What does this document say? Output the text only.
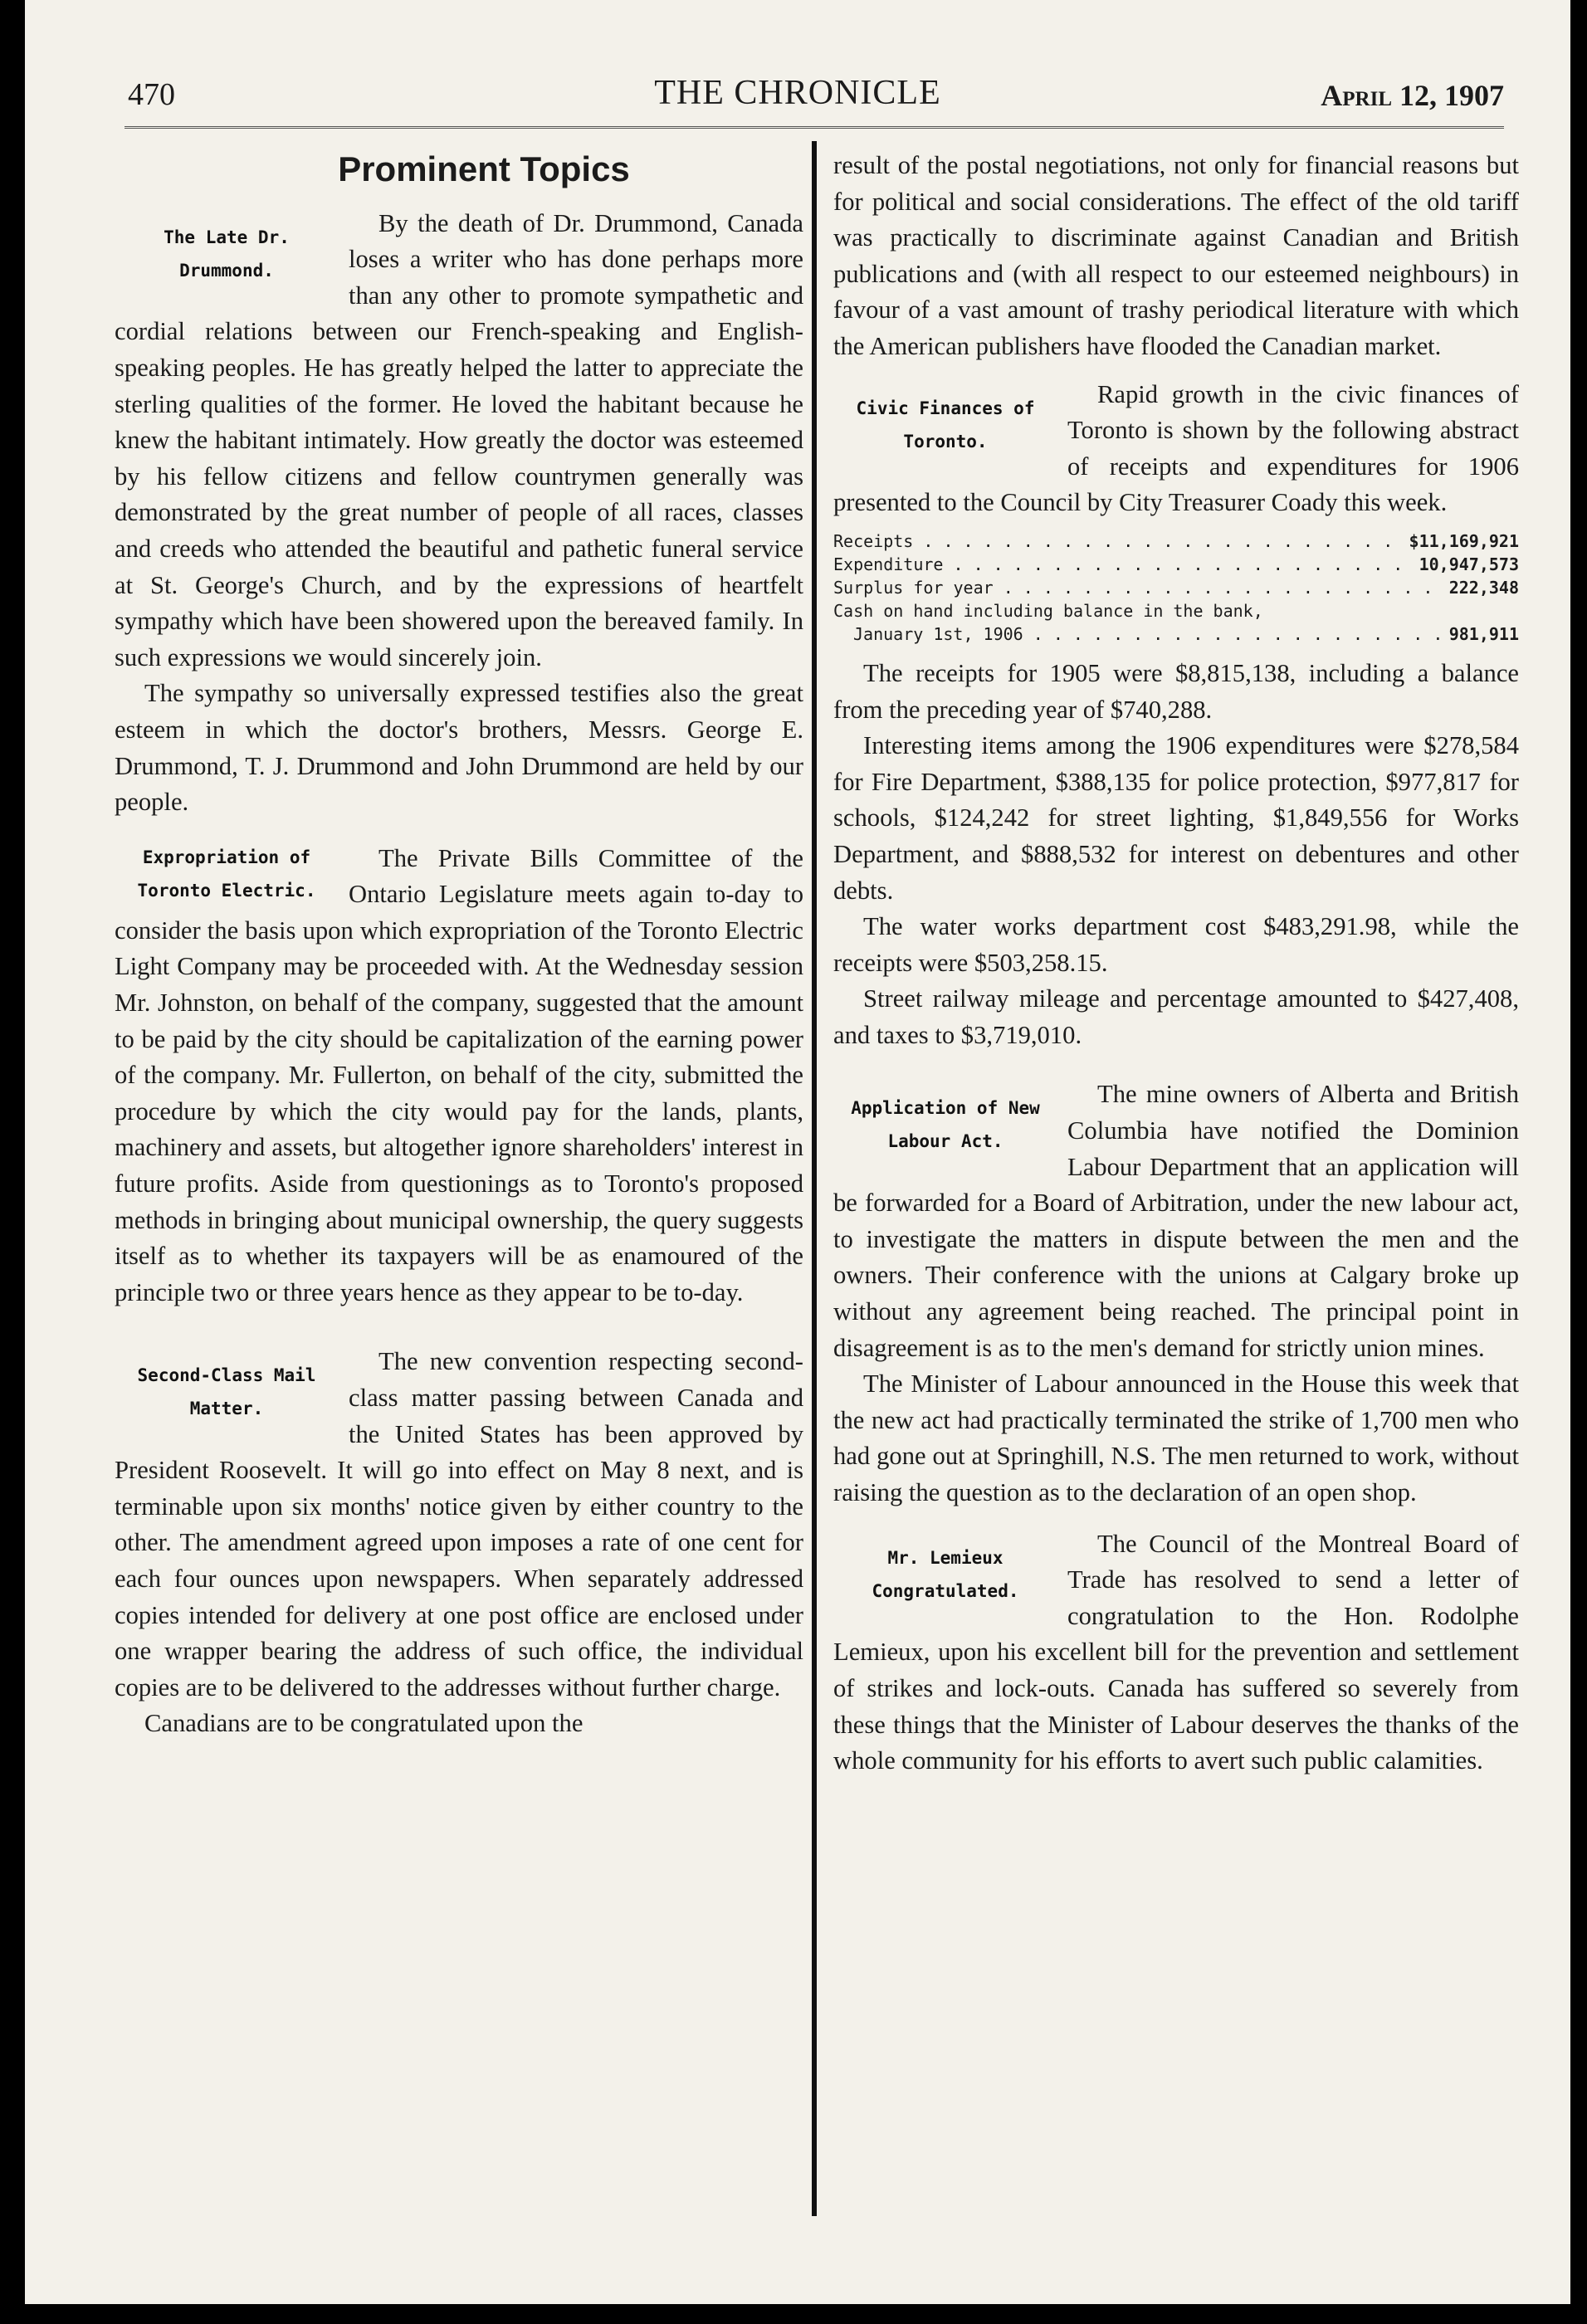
470	THE CHRONICLE	April 12, 1907
Prominent Topics
The Late Dr. Drummond.

By the death of Dr. Drummond, Canada loses a writer who has done perhaps more than any other to promote sympathetic and cordial relations between our French-speaking and English-speaking peoples. He has greatly helped the latter to appreciate the sterling qualities of the former. He loved the habitant because he knew the habitant intimately. How greatly the doctor was esteemed by his fellow citizens and fellow countrymen generally was demonstrated by the great number of people of all races, classes and creeds who attended the beautiful and pathetic funeral service at St. George's Church, and by the expressions of heartfelt sympathy which have been showered upon the bereaved family. In such expressions we would sincerely join.

The sympathy so universally expressed testifies also the great esteem in which the doctor's brothers, Messrs. George E. Drummond, T. J. Drummond and John Drummond are held by our people.

Expropriation of Toronto Electric.

The Private Bills Committee of the Ontario Legislature meets again to-day to consider the basis upon which expropriation of the Toronto Electric Light Company may be proceeded with. At the Wednesday session Mr. Johnston, on behalf of the company, suggested that the amount to be paid by the city should be capitalization of the earning power of the company. Mr. Fullerton, on behalf of the city, submitted the procedure by which the city would pay for the lands, plants, machinery and assets, but altogether ignore shareholders' interest in future profits. Aside from questionings as to Toronto's proposed methods in bringing about municipal ownership, the query suggests itself as to whether its taxpayers will be as enamoured of the principle two or three years hence as they appear to be to-day.

Second-Class Mail Matter.

The new convention respecting second-class matter passing between Canada and the United States has been approved by President Roosevelt. It will go into effect on May 8 next, and is terminable upon six months' notice given by either country to the other. The amendment agreed upon imposes a rate of one cent for each four ounces upon newspapers. When separately addressed copies intended for delivery at one post office are enclosed under one wrapper bearing the address of such office, the individual copies are to be delivered to the addresses without further charge.

Canadians are to be congratulated upon the

result of the postal negotiations, not only for financial reasons but for political and social considerations. The effect of the old tariff was practically to discriminate against Canadian and British publications and (with all respect to our esteemed neighbours) in favour of a vast amount of trashy periodical literature with which the American publishers have flooded the Canadian market.

Civic Finances of Toronto.

Rapid growth in the civic finances of Toronto is shown by the following abstract of receipts and expenditures for 1906 presented to the Council by City Treasurer Coady this week.

Receipts . . .	$11,169,921
Expenditure . . .	10,947,573
Surplus for year . . .	222,348
Cash on hand including balance in the bank,
January 1st, 1906 . . .	981,911

The receipts for 1905 were $8,815,138, including a balance from the preceding year of $740,288.

Interesting items among the 1906 expenditures were $278,584 for Fire Department, $388,135 for police protection, $977,817 for schools, $124,242 for street lighting, $1,849,556 for Works Department, and $888,532 for interest on debentures and other debts.

The water works department cost $483,291.98, while the receipts were $503,258.15.

Street railway mileage and percentage amounted to $427,408, and taxes to $3,719,010.

Application of New Labour Act.

The mine owners of Alberta and British Columbia have notified the Dominion Labour Department that an application will be forwarded for a Board of Arbitration, under the new labour act, to investigate the matters in dispute between the men and the owners. Their conference with the unions at Calgary broke up without any agreement being reached. The principal point in disagreement is as to the men's demand for strictly union mines.

The Minister of Labour announced in the House this week that the new act had practically terminated the strike of 1,700 men who had gone out at Springhill, N.S. The men returned to work, without raising the question as to the declaration of an open shop.

Mr. Lemieux Congratulated.

The Council of the Montreal Board of Trade has resolved to send a letter of congratulation to the Hon. Rodolphe Lemieux, upon his excellent bill for the prevention and settlement of strikes and lock-outs. Canada has suffered so severely from these things that the Minister of Labour deserves the thanks of the whole community for his efforts to avert such public calamities.
